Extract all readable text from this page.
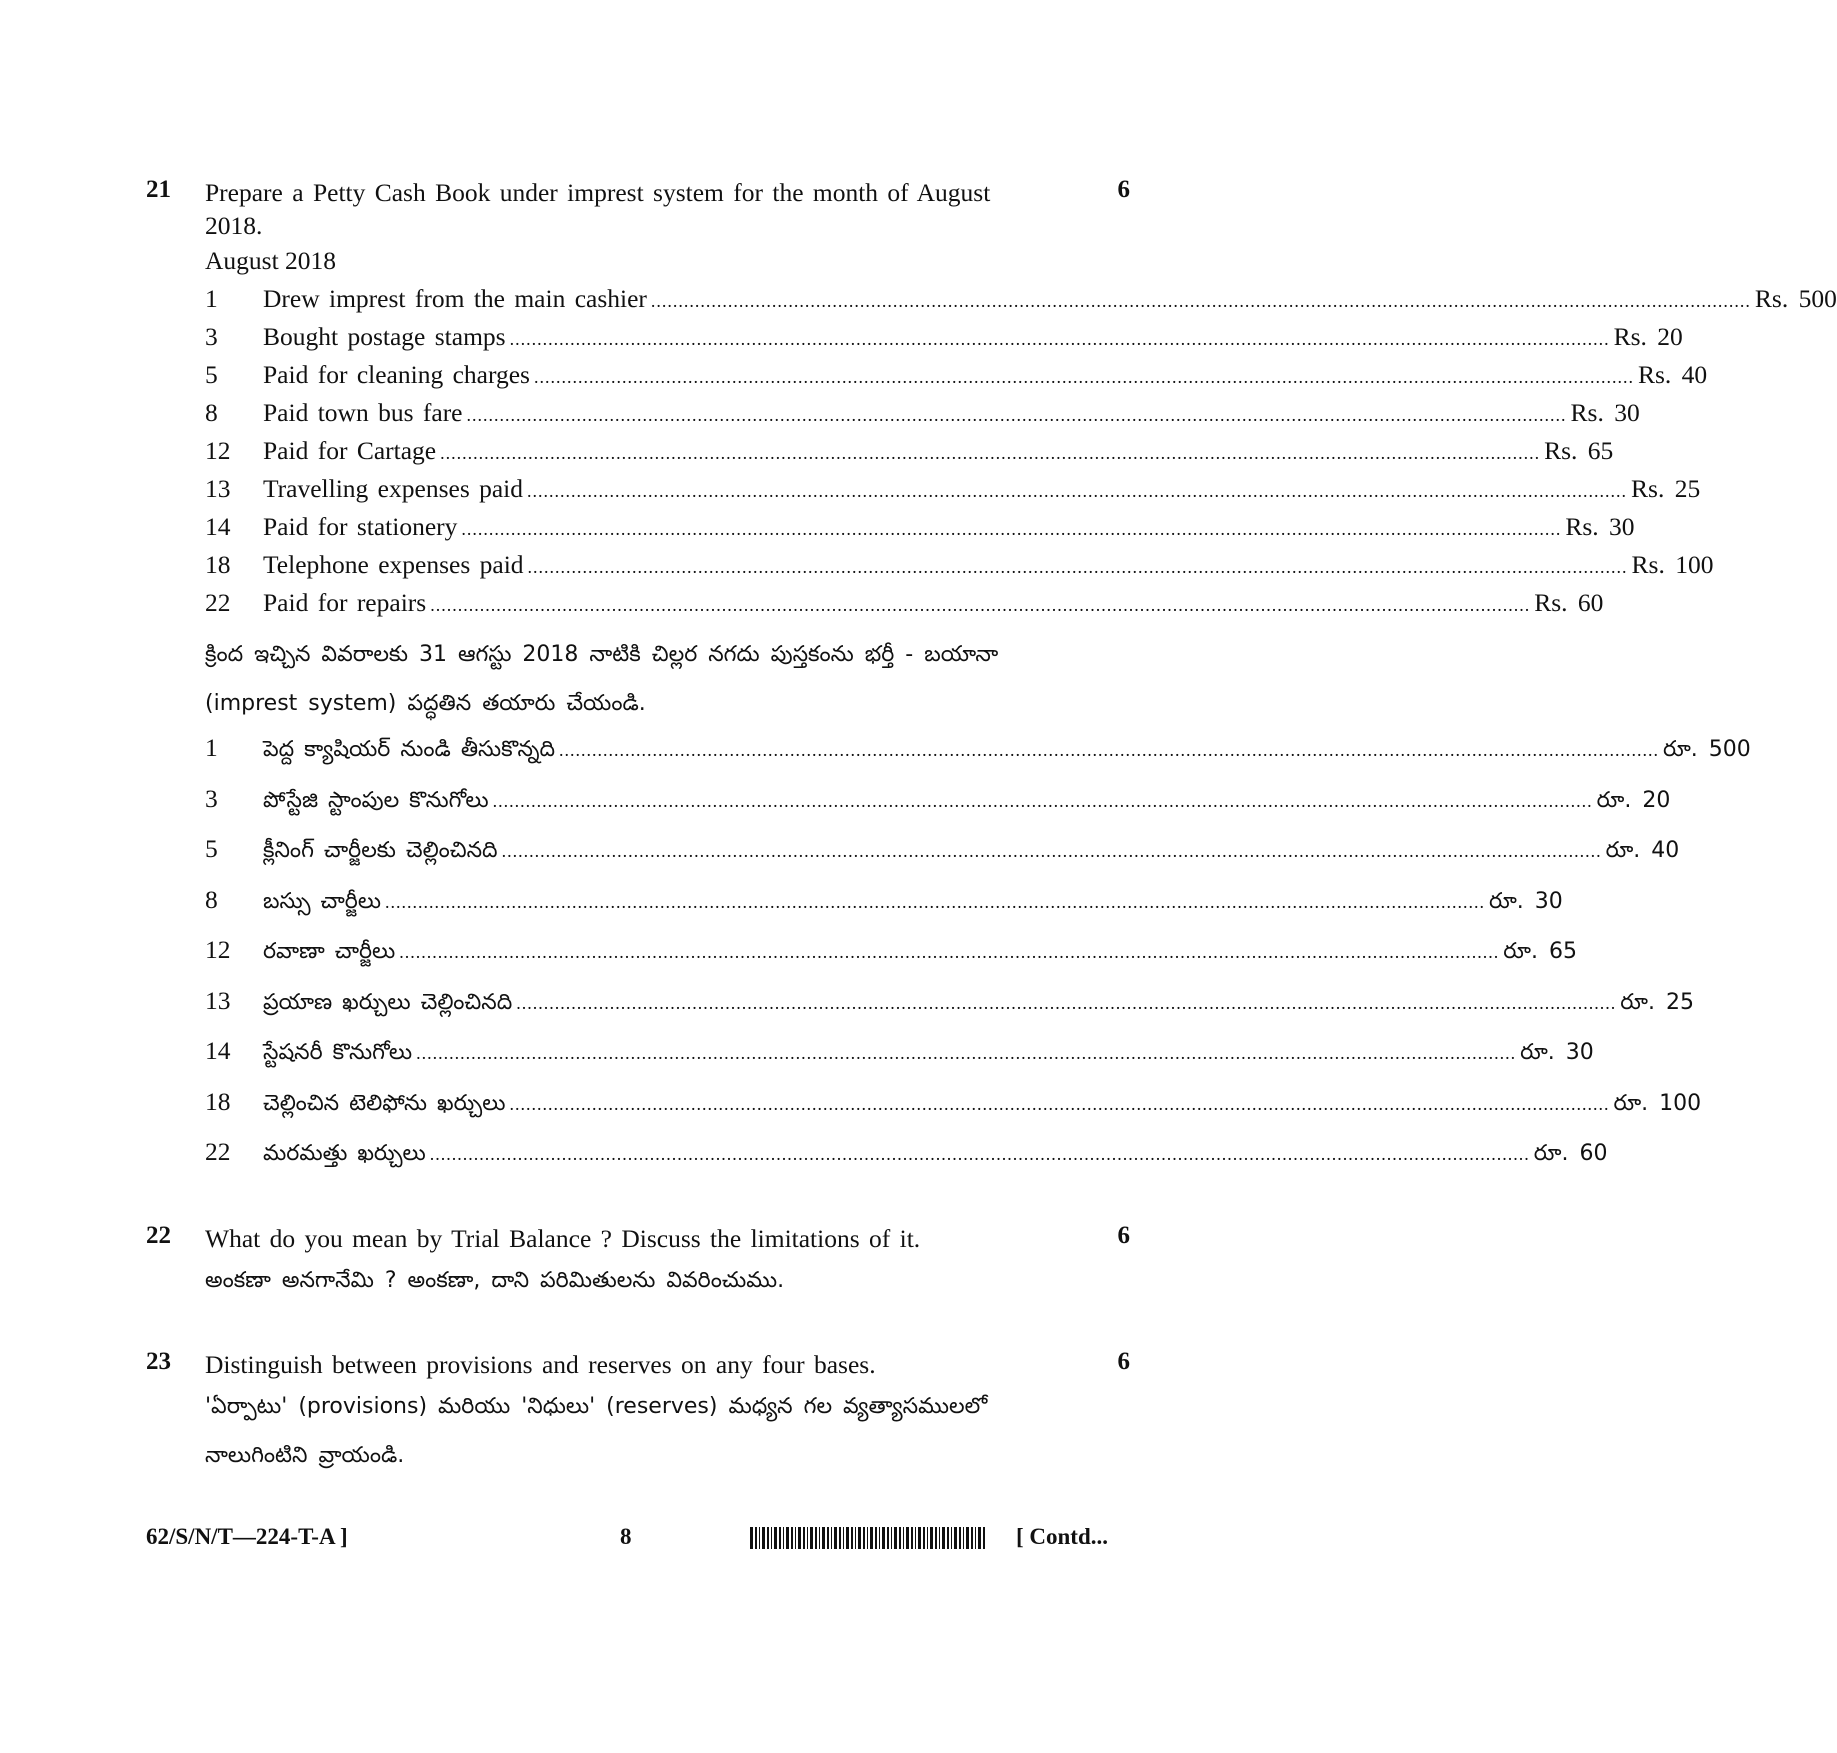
21	6
Prepare a Petty Cash Book under imprest system for the month of August 2018.
August 2018
1	Drew imprest from the main cashier ........................................................................................................................................................................................................ Rs. 500
3	Bought postage stamps ........................................................................................................................................................................................................ Rs. 20
5	Paid for cleaning charges ........................................................................................................................................................................................................ Rs. 40
8	Paid town bus fare ........................................................................................................................................................................................................ Rs. 30
12	Paid for Cartage ........................................................................................................................................................................................................ Rs. 65
13	Travelling expenses paid ........................................................................................................................................................................................................ Rs. 25
14	Paid for stationery ........................................................................................................................................................................................................ Rs. 30
18	Telephone expenses paid ........................................................................................................................................................................................................ Rs. 100
22	Paid for repairs ........................................................................................................................................................................................................ Rs. 60
క్రింద ఇచ్చిన వివరాలకు 31 ఆగస్టు 2018 నాటికి చిల్లర నగదు పుస్తకంను భర్తీ - బయానా (imprest system) పద్ధతిన తయారు చేయండి.
1	పెద్ద క్యాషియర్ నుండి తీసుకొన్నది ........................................................................................................................................................................................................ రూ. 500
3	పోస్టేజి స్టాంపుల కొనుగోలు ........................................................................................................................................................................................................ రూ. 20
5	క్లీనింగ్ చార్జీలకు చెల్లించినది ........................................................................................................................................................................................................ రూ. 40
8	బస్సు చార్జీలు ........................................................................................................................................................................................................ రూ. 30
12	రవాణా చార్జీలు ........................................................................................................................................................................................................ రూ. 65
13	ప్రయాణ ఖర్చులు చెల్లించినది ........................................................................................................................................................................................................ రూ. 25
14	స్టేషనరీ కొనుగోలు ........................................................................................................................................................................................................ రూ. 30
18	చెల్లించిన టెలిఫోను ఖర్చులు ........................................................................................................................................................................................................ రూ. 100
22	మరమత్తు ఖర్చులు ........................................................................................................................................................................................................ రూ. 60
22	6
What do you mean by Trial Balance ? Discuss the limitations of it.
అంకణా అనగానేమి ? అంకణా, దాని పరిమితులను వివరించుము.
23	6
Distinguish between provisions and reserves on any four bases.
'ఏర్పాటు' (provisions) మరియు 'నిధులు' (reserves) మధ్యన గల వ్యత్యాసములలో నాలుగింటిని వ్రాయండి.
62/S/N/T—224-T-A ]	8	[ Contd...
